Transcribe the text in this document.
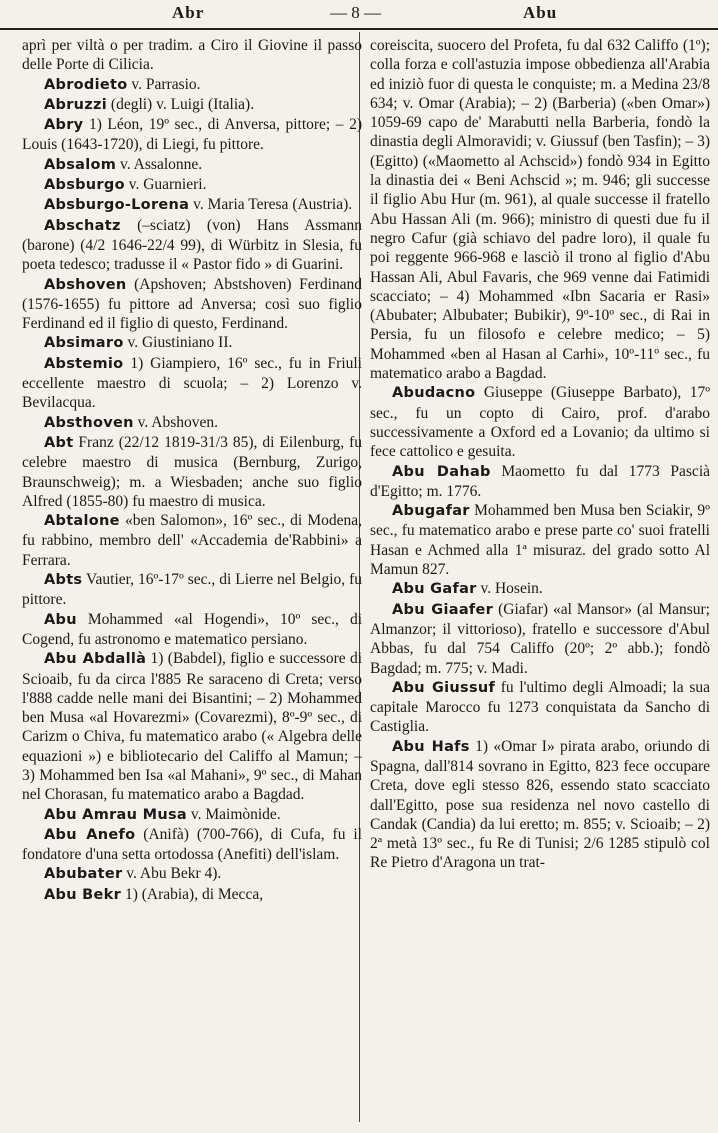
Abr	— 8 —	Abu

aprì per viltà o per tradim. a Ciro il Giovine il passo delle Porte di Cilicia.

Abrodieto v. Parrasio.

Abruzzi (degli) v. Luigi (Italia).

Abry 1) Léon, 19º sec., di Anversa, pittore; – 2) Louis (1643-1720), di Liegi, fu pittore.

Absalom v. Assalonne.

Absburgo v. Guarnieri.

Absburgo-Lorena v. Maria Teresa (Austria).

Abschatz (–sciatz) (von) Hans Assmann (barone) (4/2 1646-22/4 99), di Würbitz in Slesia, fu poeta tedesco; tradusse il « Pastor fido » di Guarini.

Abshoven (Apshoven; Abstshoven) Ferdinand (1576-1655) fu pittore ad Anversa; così suo figlio Ferdinand ed il figlio di questo, Ferdinand.

Absimaro v. Giustiniano II.

Abstemio 1) Giampiero, 16º sec., fu in Friuli eccellente maestro di scuola; – 2) Lorenzo v. Bevilacqua.

Absthoven v. Abshoven.

Abt Franz (22/12 1819-31/3 85), di Eilenburg, fu celebre maestro di musica (Bernburg, Zurigo, Braunschweig); m. a Wiesbaden; anche suo figlio Alfred (1855-80) fu maestro di musica.

Abtalone «ben Salomon», 16º sec., di Modena, fu rabbino, membro dell' «Accademia de'Rabbini» a Ferrara.

Abts Vautier, 16º-17º sec., di Lierre nel Belgio, fu pittore.

Abu Mohammed «al Hogendi», 10º sec., di Cogend, fu astronomo e matematico persiano.

Abu Abdallà 1) (Babdel), figlio e successore di Scioaib, fu da circa l'885 Re saraceno di Creta; verso l'888 cadde nelle mani dei Bisantini; – 2) Mohammed ben Musa «al Hovarezmi» (Covarezmi), 8º-9º sec., di Carizm o Chiva, fu matematico arabo (« Algebra delle equazioni ») e bibliotecario del Califfo al Mamun; – 3) Mohammed ben Isa «al Mahani», 9º sec., di Mahan nel Chorasan, fu matematico arabo a Bagdad.

Abu Amrau Musa v. Maimònide.

Abu Anefo (Anifà) (700-766), di Cufa, fu il fondatore d'una setta ortodossa (Anefiti) dell'islam.

Abubater v. Abu Bekr 4).

Abu Bekr 1) (Arabia), di Mecca,

coreiscita, suocero del Profeta, fu dal 632 Califfo (1º); colla forza e coll'astuzia impose obbedienza all'Arabia ed iniziò fuor di questa le conquiste; m. a Medina 23/8 634; v. Omar (Arabia); – 2) (Barberia) («ben Omar») 1059-69 capo de' Marabutti nella Barberia, fondò la dinastia degli Almoravidi; v. Giussuf (ben Tasfin); – 3) (Egitto) («Maometto al Achscid») fondò 934 in Egitto la dinastia dei « Beni Achscid »; m. 946; gli successe il figlio Abu Hur (m. 961), al quale successe il fratello Abu Hassan Ali (m. 966); ministro di questi due fu il negro Cafur (già schiavo del padre loro), il quale fu poi reggente 966-968 e lasciò il trono al figlio d'Abu Hassan Ali, Abul Favaris, che 969 venne dai Fatimidi scacciato; – 4) Mohammed «Ibn Sacaria er Rasi» (Abubater; Albubater; Bubikir), 9º-10º sec., di Rai in Persia, fu un filosofo e celebre medico; – 5) Mohammed «ben al Hasan al Carhi», 10º-11º sec., fu matematico arabo a Bagdad.

Abudacno Giuseppe (Giuseppe Barbato), 17º sec., fu un copto di Cairo, prof. d'arabo successivamente a Oxford ed a Lovanio; da ultimo si fece cattolico e gesuita.

Abu Dahab Maometto fu dal 1773 Pascià d'Egitto; m. 1776.

Abugafar Mohammed ben Musa ben Sciakir, 9º sec., fu matematico arabo e prese parte co' suoi fratelli Hasan e Achmed alla 1ª misuraz. del grado sotto Al Mamun 827.

Abu Gafar v. Hosein.

Abu Giaafer (Giafar) «al Mansor» (al Mansur; Almanzor; il vittorioso), fratello e successore d'Abul Abbas, fu dal 754 Califfo (20º; 2º abb.); fondò Bagdad; m. 775; v. Madi.

Abu Giussuf fu l'ultimo degli Almoadi; la sua capitale Marocco fu 1273 conquistata da Sancho di Castiglia.

Abu Hafs 1) «Omar I» pirata arabo, oriundo di Spagna, dall'814 sovrano in Egitto, 823 fece occupare Creta, dove egli stesso 826, essendo stato scacciato dall'Egitto, pose sua residenza nel novo castello di Candak (Candia) da lui eretto; m. 855; v. Scioaib; – 2) 2ª metà 13º sec., fu Re di Tunisi; 2/6 1285 stipulò col Re Pietro d'Aragona un trat-
